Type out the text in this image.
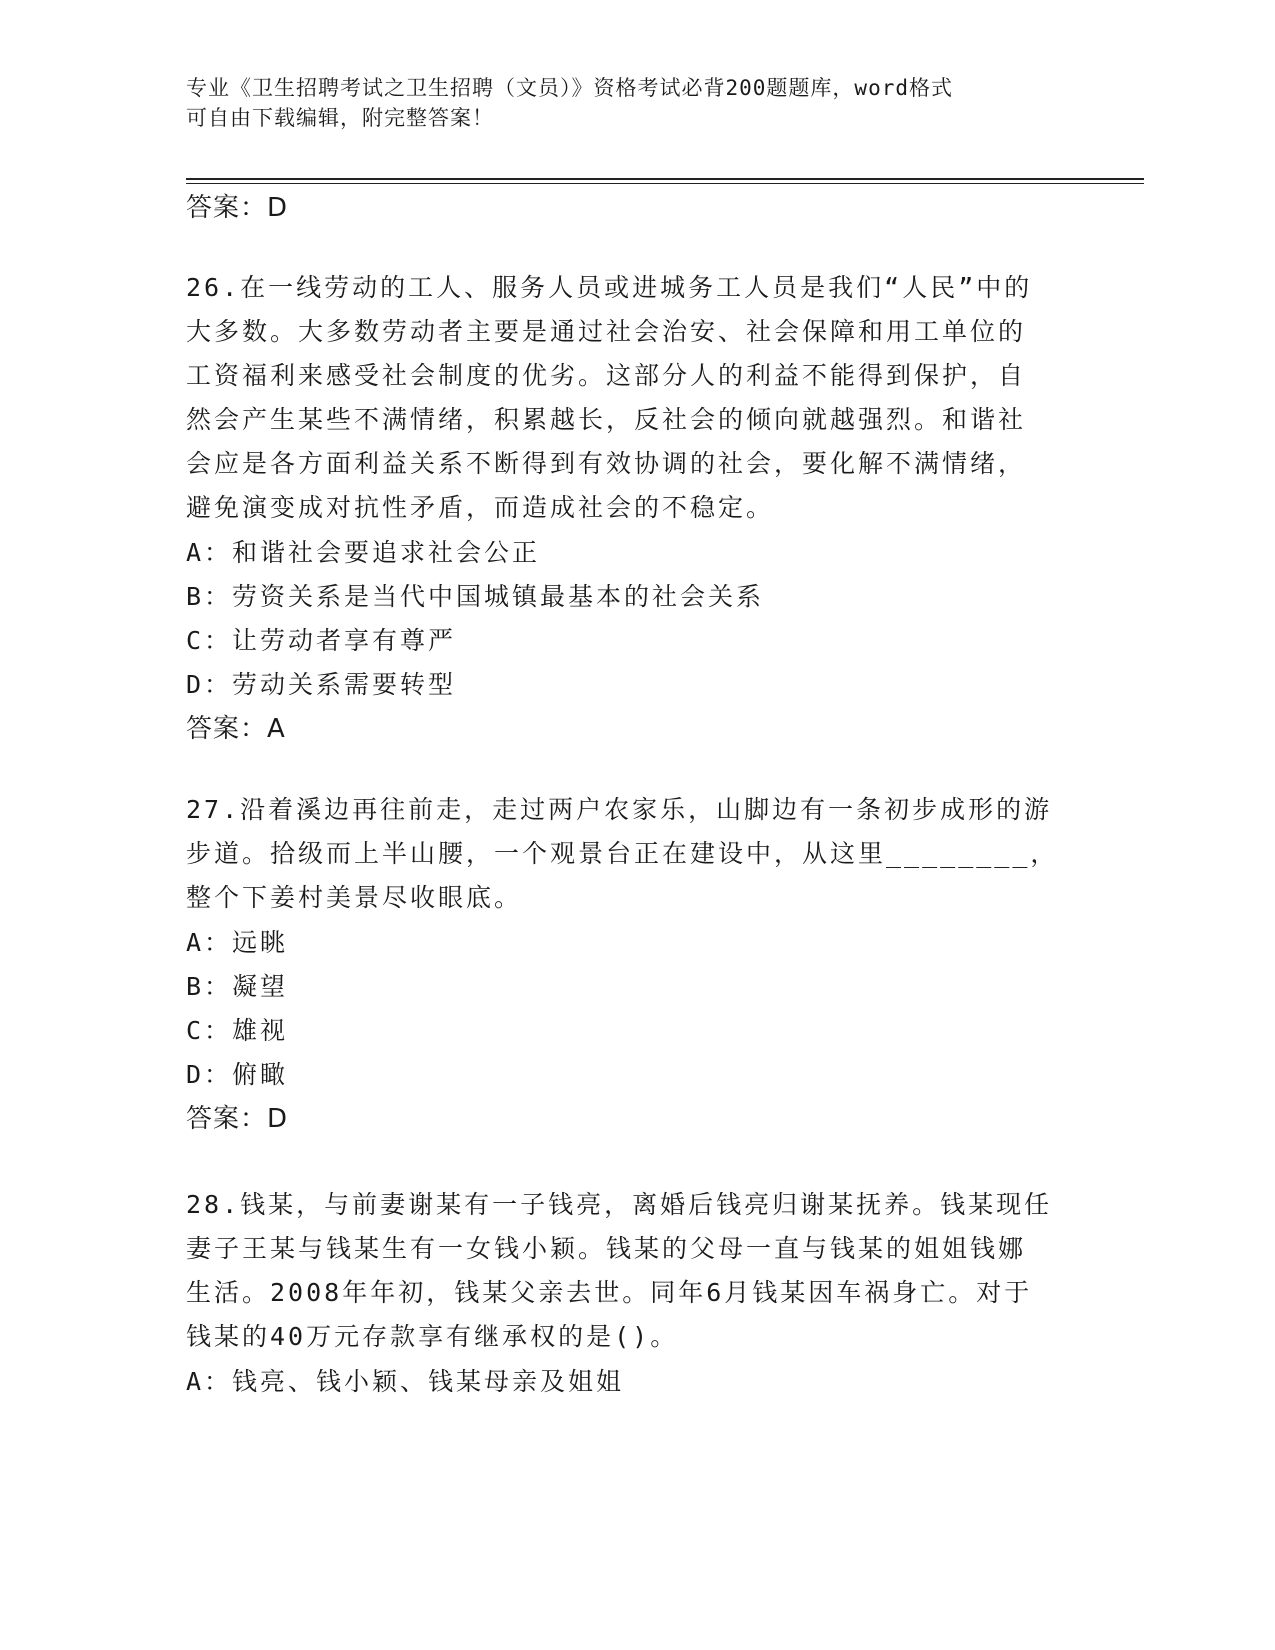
专业《卫生招聘考试之卫生招聘（文员）》资格考试必背200题题库，word格式
可自由下载编辑，附完整答案！
答案：D
26.在一线劳动的工人、服务人员或进城务工人员是我们“人民”中的
大多数。大多数劳动者主要是通过社会治安、社会保障和用工单位的
工资福利来感受社会制度的优劣。这部分人的利益不能得到保护，自
然会产生某些不满情绪，积累越长，反社会的倾向就越强烈。和谐社
会应是各方面利益关系不断得到有效协调的社会，要化解不满情绪，
避免演变成对抗性矛盾，而造成社会的不稳定。
A：和谐社会要追求社会公正
B：劳资关系是当代中国城镇最基本的社会关系
C：让劳动者享有尊严
D：劳动关系需要转型
答案：A
27.沿着溪边再往前走，走过两户农家乐，山脚边有一条初步成形的游
步道。拾级而上半山腰，一个观景台正在建设中，从这里________，
整个下姜村美景尽收眼底。
A：远眺
B：凝望
C：雄视
D：俯瞰
答案：D
28.钱某，与前妻谢某有一子钱亮，离婚后钱亮归谢某抚养。钱某现任
妻子王某与钱某生有一女钱小颖。钱某的父母一直与钱某的姐姐钱娜
生活。2008年年初，钱某父亲去世。同年6月钱某因车祸身亡。对于
钱某的40万元存款享有继承权的是()。
A：钱亮、钱小颖、钱某母亲及姐姐
